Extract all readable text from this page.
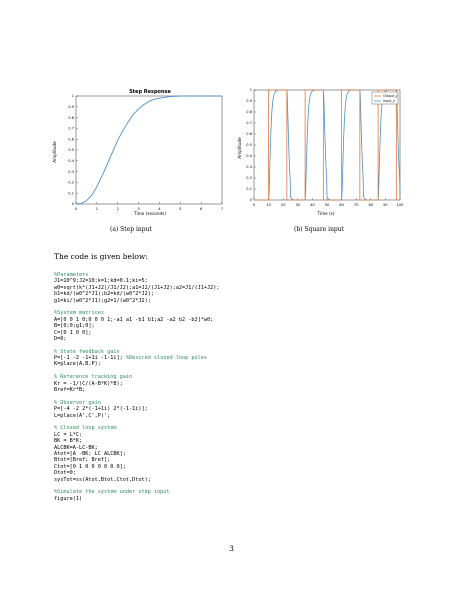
Step Response
0	1	2	3	4	5	6	7
0
0.1
0.2
0.3
0.4
0.5
0.6
0.7
0.8
0.9
1
Time (seconds)
Amplitude
(a) Step input
0	10	20	30	40	50	60	70	80	90 100
0
0.1
0.2
0.3
0.4
0.5
0.6
0.7
0.8
0.9
1
Output_y
Input_u
Time (s)
Amplitude
(b) Square input
The code is given below:
%Parameters
J1=10^9;J2=10;k=1;kd=0.1;ki=5;
w0=sqrt(k*(J1+J2)/J1/J2);a1=J2/(J1+J2);a2=J1/(J1+J2);
b1=kd/(w0^2*J1);b2=kd/(w0^2*J2);
g1=ki/(w0^2*J1);g2=1/(w0^2*J2);

%System matrices
A=[0 0 1 0;0 0 0 1;-a1 a1 -b1 b1;a2 -a2 b2 -b2]*w0;
B=[0;0;g1;0];
C=[0 1 0 0];
D=0;

% State feedback gain
P=[-1 -2 -1+1i -1-1i]; %Desired closed loop poles
K=place(A,B,P);

% Reference tracking gain
Kr = -1/(C/(A-B*K)*B);
Bref=Kr*B;

% Observer gain
P=[-4 -2 2*(-1+1i) 2*(-1-1i)];
L=place(A',C',P)';

% Closed loop system
LC = L*C;
BK = B*K;
ALCBK=A-LC-BK;
Atot=[A -BK; LC ALCBK];
Btot=[Bref; Bref];
Ctot=[0 1 0 0 0 0 0 0];
Dtot=0;
sysTot=ss(Atot,Btot,Ctot,Dtot);

%Simulate the system under step input
figure(1)
3
